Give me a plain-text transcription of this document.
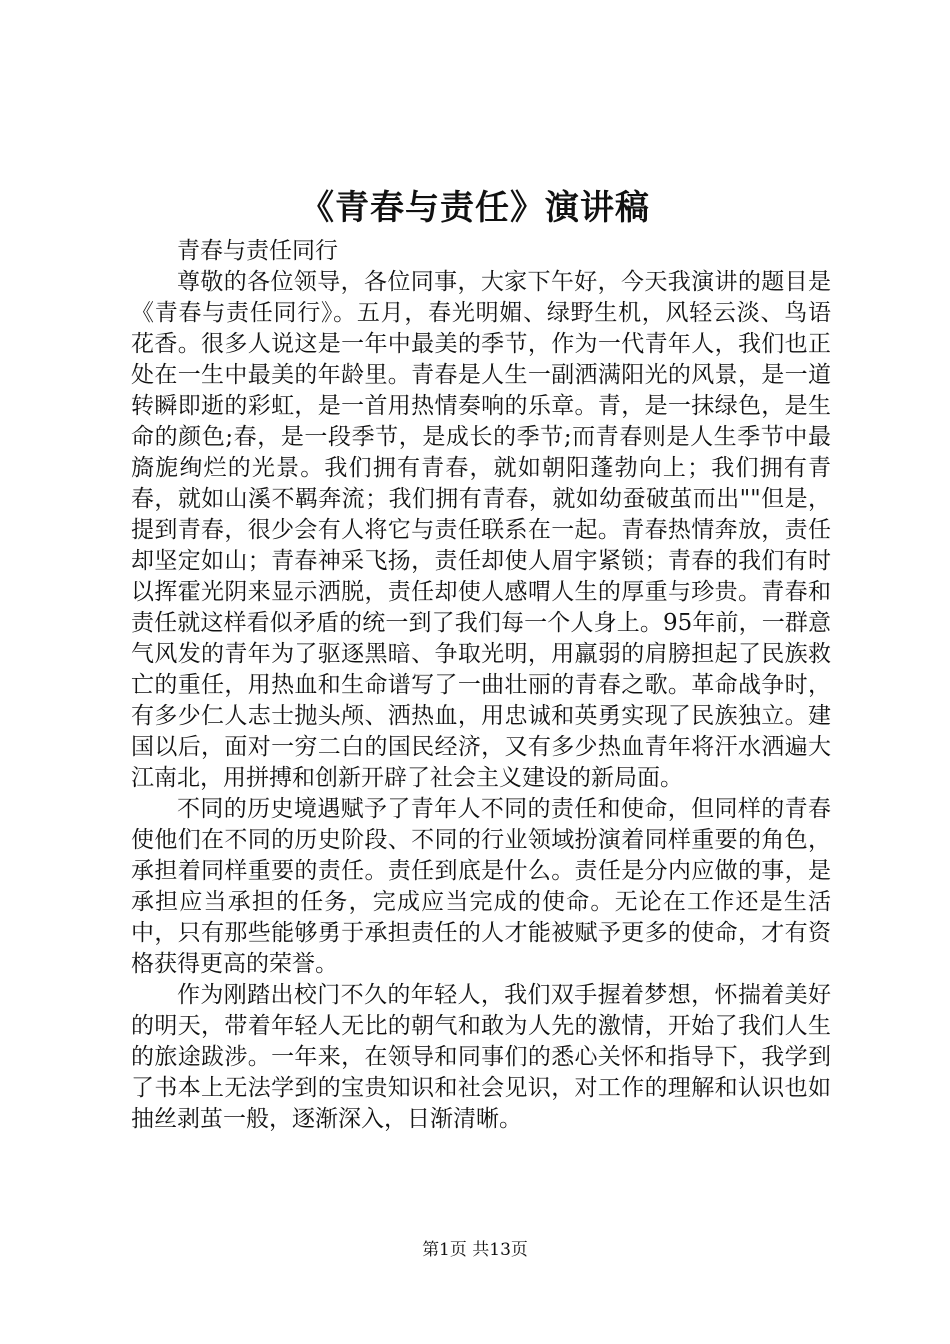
《青春与责任》演讲稿

青春与责任同行

尊敬的各位领导，各位同事，大家下午好，今天我演讲的题目是《青春与责任同行》。五月，春光明媚、绿野生机，风轻云淡、鸟语花香。很多人说这是一年中最美的季节，作为一代青年人，我们也正处在一生中最美的年龄里。青春是人生一副洒满阳光的风景，是一道转瞬即逝的彩虹，是一首用热情奏响的乐章。青，是一抹绿色，是生命的颜色;春，是一段季节，是成长的季节;而青春则是人生季节中最旖旎绚烂的光景。我们拥有青春，就如朝阳蓬勃向上；我们拥有青春，就如山溪不羁奔流；我们拥有青春，就如幼蚕破茧而出""但是，提到青春，很少会有人将它与责任联系在一起。青春热情奔放，责任却坚定如山；青春神采飞扬，责任却使人眉宇紧锁；青春的我们有时以挥霍光阴来显示洒脱，责任却使人感喟人生的厚重与珍贵。青春和责任就这样看似矛盾的统一到了我们每一个人身上。95年前，一群意气风发的青年为了驱逐黑暗、争取光明，用羸弱的肩膀担起了民族救亡的重任，用热血和生命谱写了一曲壮丽的青春之歌。革命战争时，有多少仁人志士抛头颅、洒热血，用忠诚和英勇实现了民族独立。建国以后，面对一穷二白的国民经济，又有多少热血青年将汗水洒遍大江南北，用拼搏和创新开辟了社会主义建设的新局面。

不同的历史境遇赋予了青年人不同的责任和使命，但同样的青春使他们在不同的历史阶段、不同的行业领域扮演着同样重要的角色，承担着同样重要的责任。责任到底是什么。责任是分内应做的事，是承担应当承担的任务，完成应当完成的使命。无论在工作还是生活中，只有那些能够勇于承担责任的人才能被赋予更多的使命，才有资格获得更高的荣誉。

作为刚踏出校门不久的年轻人，我们双手握着梦想，怀揣着美好的明天，带着年轻人无比的朝气和敢为人先的激情，开始了我们人生的旅途跋涉。一年来，在领导和同事们的悉心关怀和指导下，我学到了书本上无法学到的宝贵知识和社会见识，对工作的理解和认识也如抽丝剥茧一般，逐渐深入，日渐清晰。

第1页 共13页
